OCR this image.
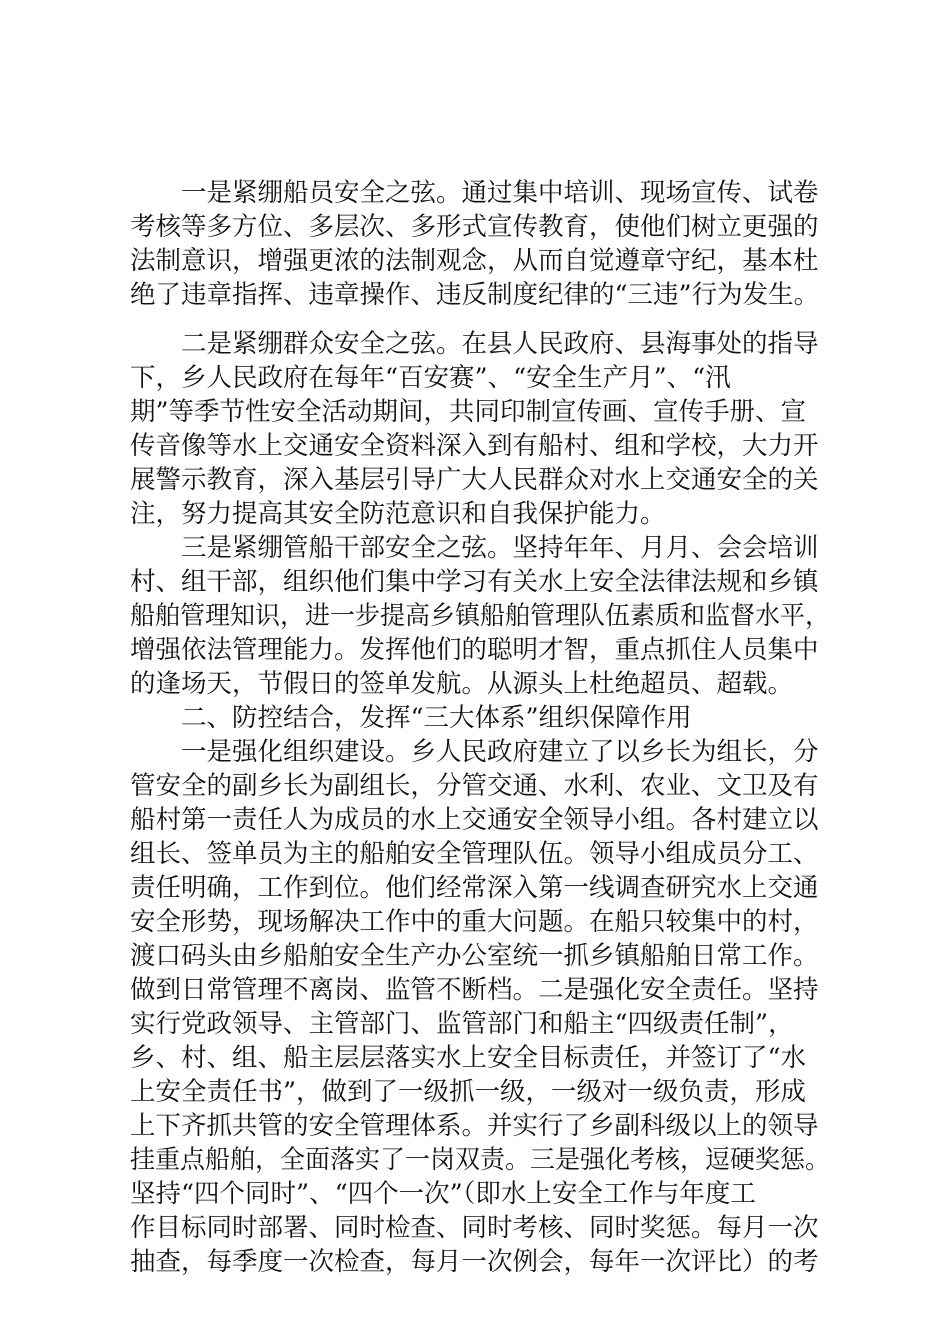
　　一是紧绷船员安全之弦。通过集中培训、现场宣传、试卷
考核等多方位、多层次、多形式宣传教育，使他们树立更强的
法制意识，增强更浓的法制观念，从而自觉遵章守纪，基本杜
绝了违章指挥、违章操作、违反制度纪律的“三违”行为发生。
　　二是紧绷群众安全之弦。在县人民政府、县海事处的指导
下，乡人民政府在每年“百安赛”、“安全生产月”、“汛
期”等季节性安全活动期间，共同印制宣传画、宣传手册、宣
传音像等水上交通安全资料深入到有船村、组和学校，大力开
展警示教育，深入基层引导广大人民群众对水上交通安全的关
注，努力提高其安全防范意识和自我保护能力。
　　三是紧绷管船干部安全之弦。坚持年年、月月、会会培训
村、组干部，组织他们集中学习有关水上安全法律法规和乡镇
船舶管理知识，进一步提高乡镇船舶管理队伍素质和监督水平，
增强依法管理能力。发挥他们的聪明才智，重点抓住人员集中
的逢场天，节假日的签单发航。从源头上杜绝超员、超载。
　　二、防控结合，发挥“三大体系”组织保障作用
　　一是强化组织建设。乡人民政府建立了以乡长为组长，分
管安全的副乡长为副组长，分管交通、水利、农业、文卫及有
船村第一责任人为成员的水上交通安全领导小组。各村建立以
组长、签单员为主的船舶安全管理队伍。领导小组成员分工、
责任明确，工作到位。他们经常深入第一线调查研究水上交通
安全形势，现场解决工作中的重大问题。在船只较集中的村，
渡口码头由乡船舶安全生产办公室统一抓乡镇船舶日常工作。
做到日常管理不离岗、监管不断档。二是强化安全责任。坚持
实行党政领导、主管部门、监管部门和船主“四级责任制”，
乡、村、组、船主层层落实水上安全目标责任，并签订了“水
上安全责任书”，做到了一级抓一级，一级对一级负责，形成
上下齐抓共管的安全管理体系。并实行了乡副科级以上的领导
挂重点船舶，全面落实了一岗双责。三是强化考核，逗硬奖惩。
坚持“四个同时”、“四个一次”（即水上安全工作与年度工
作目标同时部署、同时检查、同时考核、同时奖惩。每月一次
抽查，每季度一次检查，每月一次例会，每年一次评比）的考
